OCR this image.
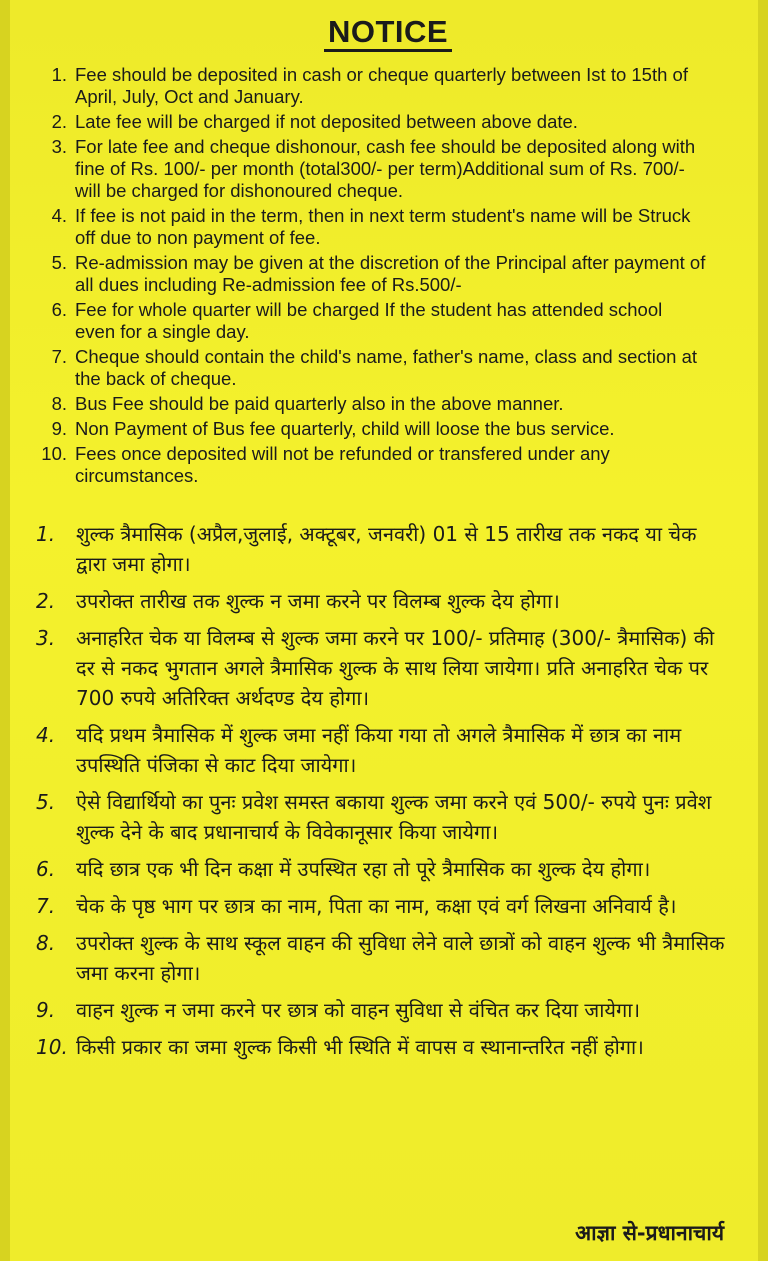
NOTICE
1. Fee should be deposited in cash or cheque quarterly between Ist to 15th of April, July, Oct and January.
2. Late fee will be charged if not deposited between above date.
3. For late fee and cheque dishonour, cash fee should be deposited along with fine of Rs. 100/- per month (total300/- per term)Additional sum of Rs. 700/- will be charged for dishonoured cheque.
4. If fee is not paid in the term, then in next term student's name will be Struck off due to non payment of fee.
5. Re-admission may be given at the discretion of the Principal after payment of all dues including Re-admission fee of Rs.500/-
6. Fee for whole quarter will be charged If the student has attended school even for a single day.
7. Cheque should contain the child's name, father's name, class and section at the back of cheque.
8. Bus Fee should be paid quarterly also in the above manner.
9. Non Payment of Bus fee quarterly, child will loose the bus service.
10. Fees once deposited will not be refunded or transfered under any circumstances.
1.	शुल्क त्रैमासिक (अप्रैल,जुलाई, अक्टूबर, जनवरी) 01 से 15 तारीख तक नकद या चेक द्वारा जमा होगा।
2.	उपरोक्त तारीख तक शुल्क न जमा करने पर विलम्ब शुल्क देय होगा।
3.	अनाहरित चेक या विलम्ब से शुल्क जमा करने पर 100/- प्रतिमाह (300/- त्रैमासिक) की दर से नकद भुगतान अगले त्रैमासिक शुल्क के साथ लिया जायेगा। प्रति अनाहरित चेक पर 700 रुपये अतिरिक्त अर्थदण्ड देय होगा।
4.	यदि प्रथम त्रैमासिक में शुल्क जमा नहीं किया गया तो अगले त्रैमासिक में छात्र का नाम उपस्थिति पंजिका से काट दिया जायेगा।
5.	ऐसे विद्यार्थियो का पुनः प्रवेश समस्त बकाया शुल्क जमा करने एवं 500/- रुपये पुनः प्रवेश शुल्क देने के बाद प्रधानाचार्य के विवेकानूसार किया जायेगा।
6.	यदि छात्र एक भी दिन कक्षा में उपस्थित रहा तो पूरे त्रैमासिक का शुल्क देय होगा।
7.	चेक के पृष्ठ भाग पर छात्र का नाम, पिता का नाम, कक्षा एवं वर्ग लिखना अनिवार्य है।
8.	उपरोक्त शुल्क के साथ स्कूल वाहन की सुविधा लेने वाले छात्रों को वाहन शुल्क भी त्रैमासिक जमा करना होगा।
9.	वाहन शुल्क न जमा करने पर छात्र को वाहन सुविधा से वंचित कर दिया जायेगा।
10. किसी प्रकार का जमा शुल्क किसी भी स्थिति में वापस व स्थानान्तरित नहीं होगा।
आज्ञा से-प्रधानाचार्य
